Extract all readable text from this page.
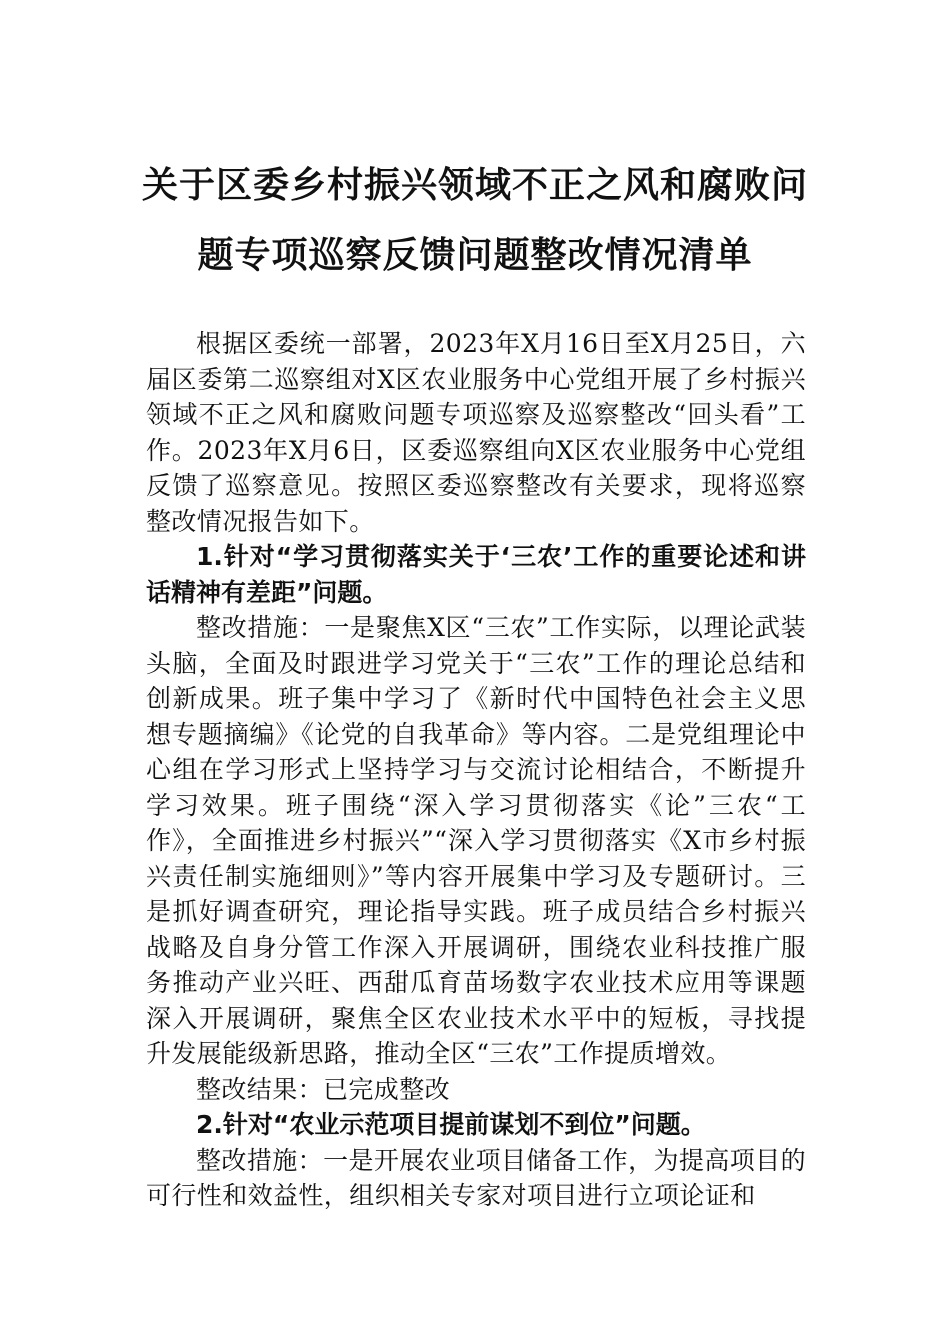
关于区委乡村振兴领域不正之风和腐败问
题专项巡察反馈问题整改情况清单

根据区委统一部署，2023年X月16日至X月25日，六届区委第二巡察组对X区农业服务中心党组开展了乡村振兴领域不正之风和腐败问题专项巡察及巡察整改“回头看”工作。2023年X月6日，区委巡察组向X区农业服务中心党组反馈了巡察意见。按照区委巡察整改有关要求，现将巡察整改情况报告如下。

1.针对“学习贯彻落实关于‘三农’工作的重要论述和讲话精神有差距”问题。

整改措施：一是聚焦X区“三农”工作实际，以理论武装头脑，全面及时跟进学习党关于“三农”工作的理论总结和创新成果。班子集中学习了《新时代中国特色社会主义思想专题摘编》《论党的自我革命》等内容。二是党组理论中心组在学习形式上坚持学习与交流讨论相结合，不断提升学习效果。班子围绕“深入学习贯彻落实《论”三农“工作》，全面推进乡村振兴”“深入学习贯彻落实《X市乡村振兴责任制实施细则》”等内容开展集中学习及专题研讨。三是抓好调查研究，理论指导实践。班子成员结合乡村振兴战略及自身分管工作深入开展调研，围绕农业科技推广服务推动产业兴旺、西甜瓜育苗场数字农业技术应用等课题深入开展调研，聚焦全区农业技术水平中的短板，寻找提升发展能级新思路，推动全区“三农”工作提质增效。

整改结果：已完成整改

2.针对“农业示范项目提前谋划不到位”问题。

整改措施：一是开展农业项目储备工作，为提高项目的可行性和效益性，组织相关专家对项目进行立项论证和
